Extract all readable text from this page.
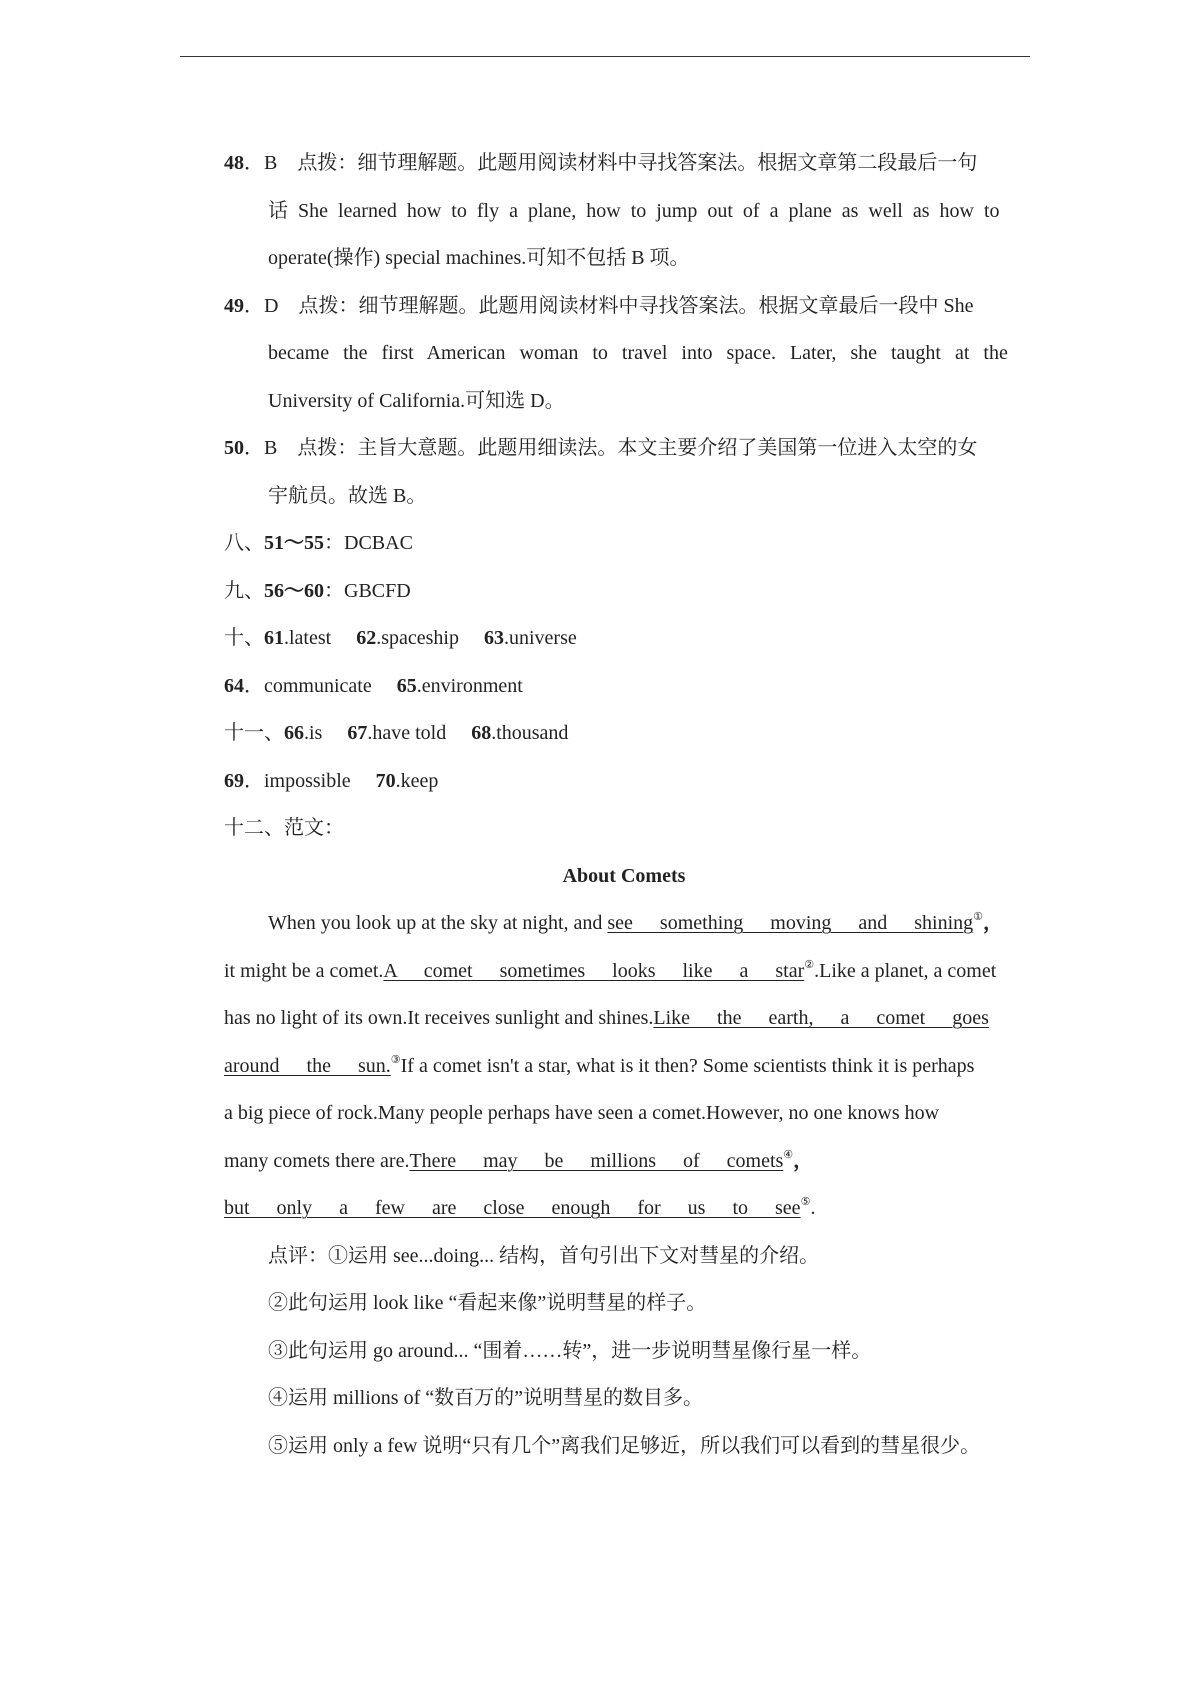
48．B　点拨：细节理解题。此题用阅读材料中寻找答案法。根据文章第二段最后一句
话 She learned how to fly a plane, how to jump out of a plane as well as how to
operate(操作) special machines.可知不包括 B 项。
49．D　点拨：细节理解题。此题用阅读材料中寻找答案法。根据文章最后一段中 She
became the first American woman to travel into space. Later, she taught at the
University of California.可知选 D。
50．B　点拨：主旨大意题。此题用细读法。本文主要介绍了美国第一位进入太空的女
宇航员。故选 B。
八、51～55：DCBAC
九、56～60：GBCFD
十、61.latest 62.spaceship 63.universe
64．communicate 65.environment
十一、66.is 67.have told 68.thousand
69．impossible 70.keep
十二、范文：
About Comets
When you look up at the sky at night, and see something moving and shining①，
it might be a comet.A comet sometimes looks like a star②.Like a planet, a comet
has no light of its own.It receives sunlight and shines.Like the earth, a comet goes
around the sun.③If a comet isn't a star, what is it then? Some scientists think it is perhaps
a big piece of rock.Many people perhaps have seen a comet.However, no one knows how
many comets there are.There may be millions of comets④，
but only a few are close enough for us to see⑤.
点评：①运用 see...doing... 结构，首句引出下文对彗星的介绍。
②此句运用 look like “看起来像”说明彗星的样子。
③此句运用 go around... “围着……转”，进一步说明彗星像行星一样。
④运用 millions of “数百万的”说明彗星的数目多。
⑤运用 only a few 说明“只有几个”离我们足够近，所以我们可以看到的彗星很少。
